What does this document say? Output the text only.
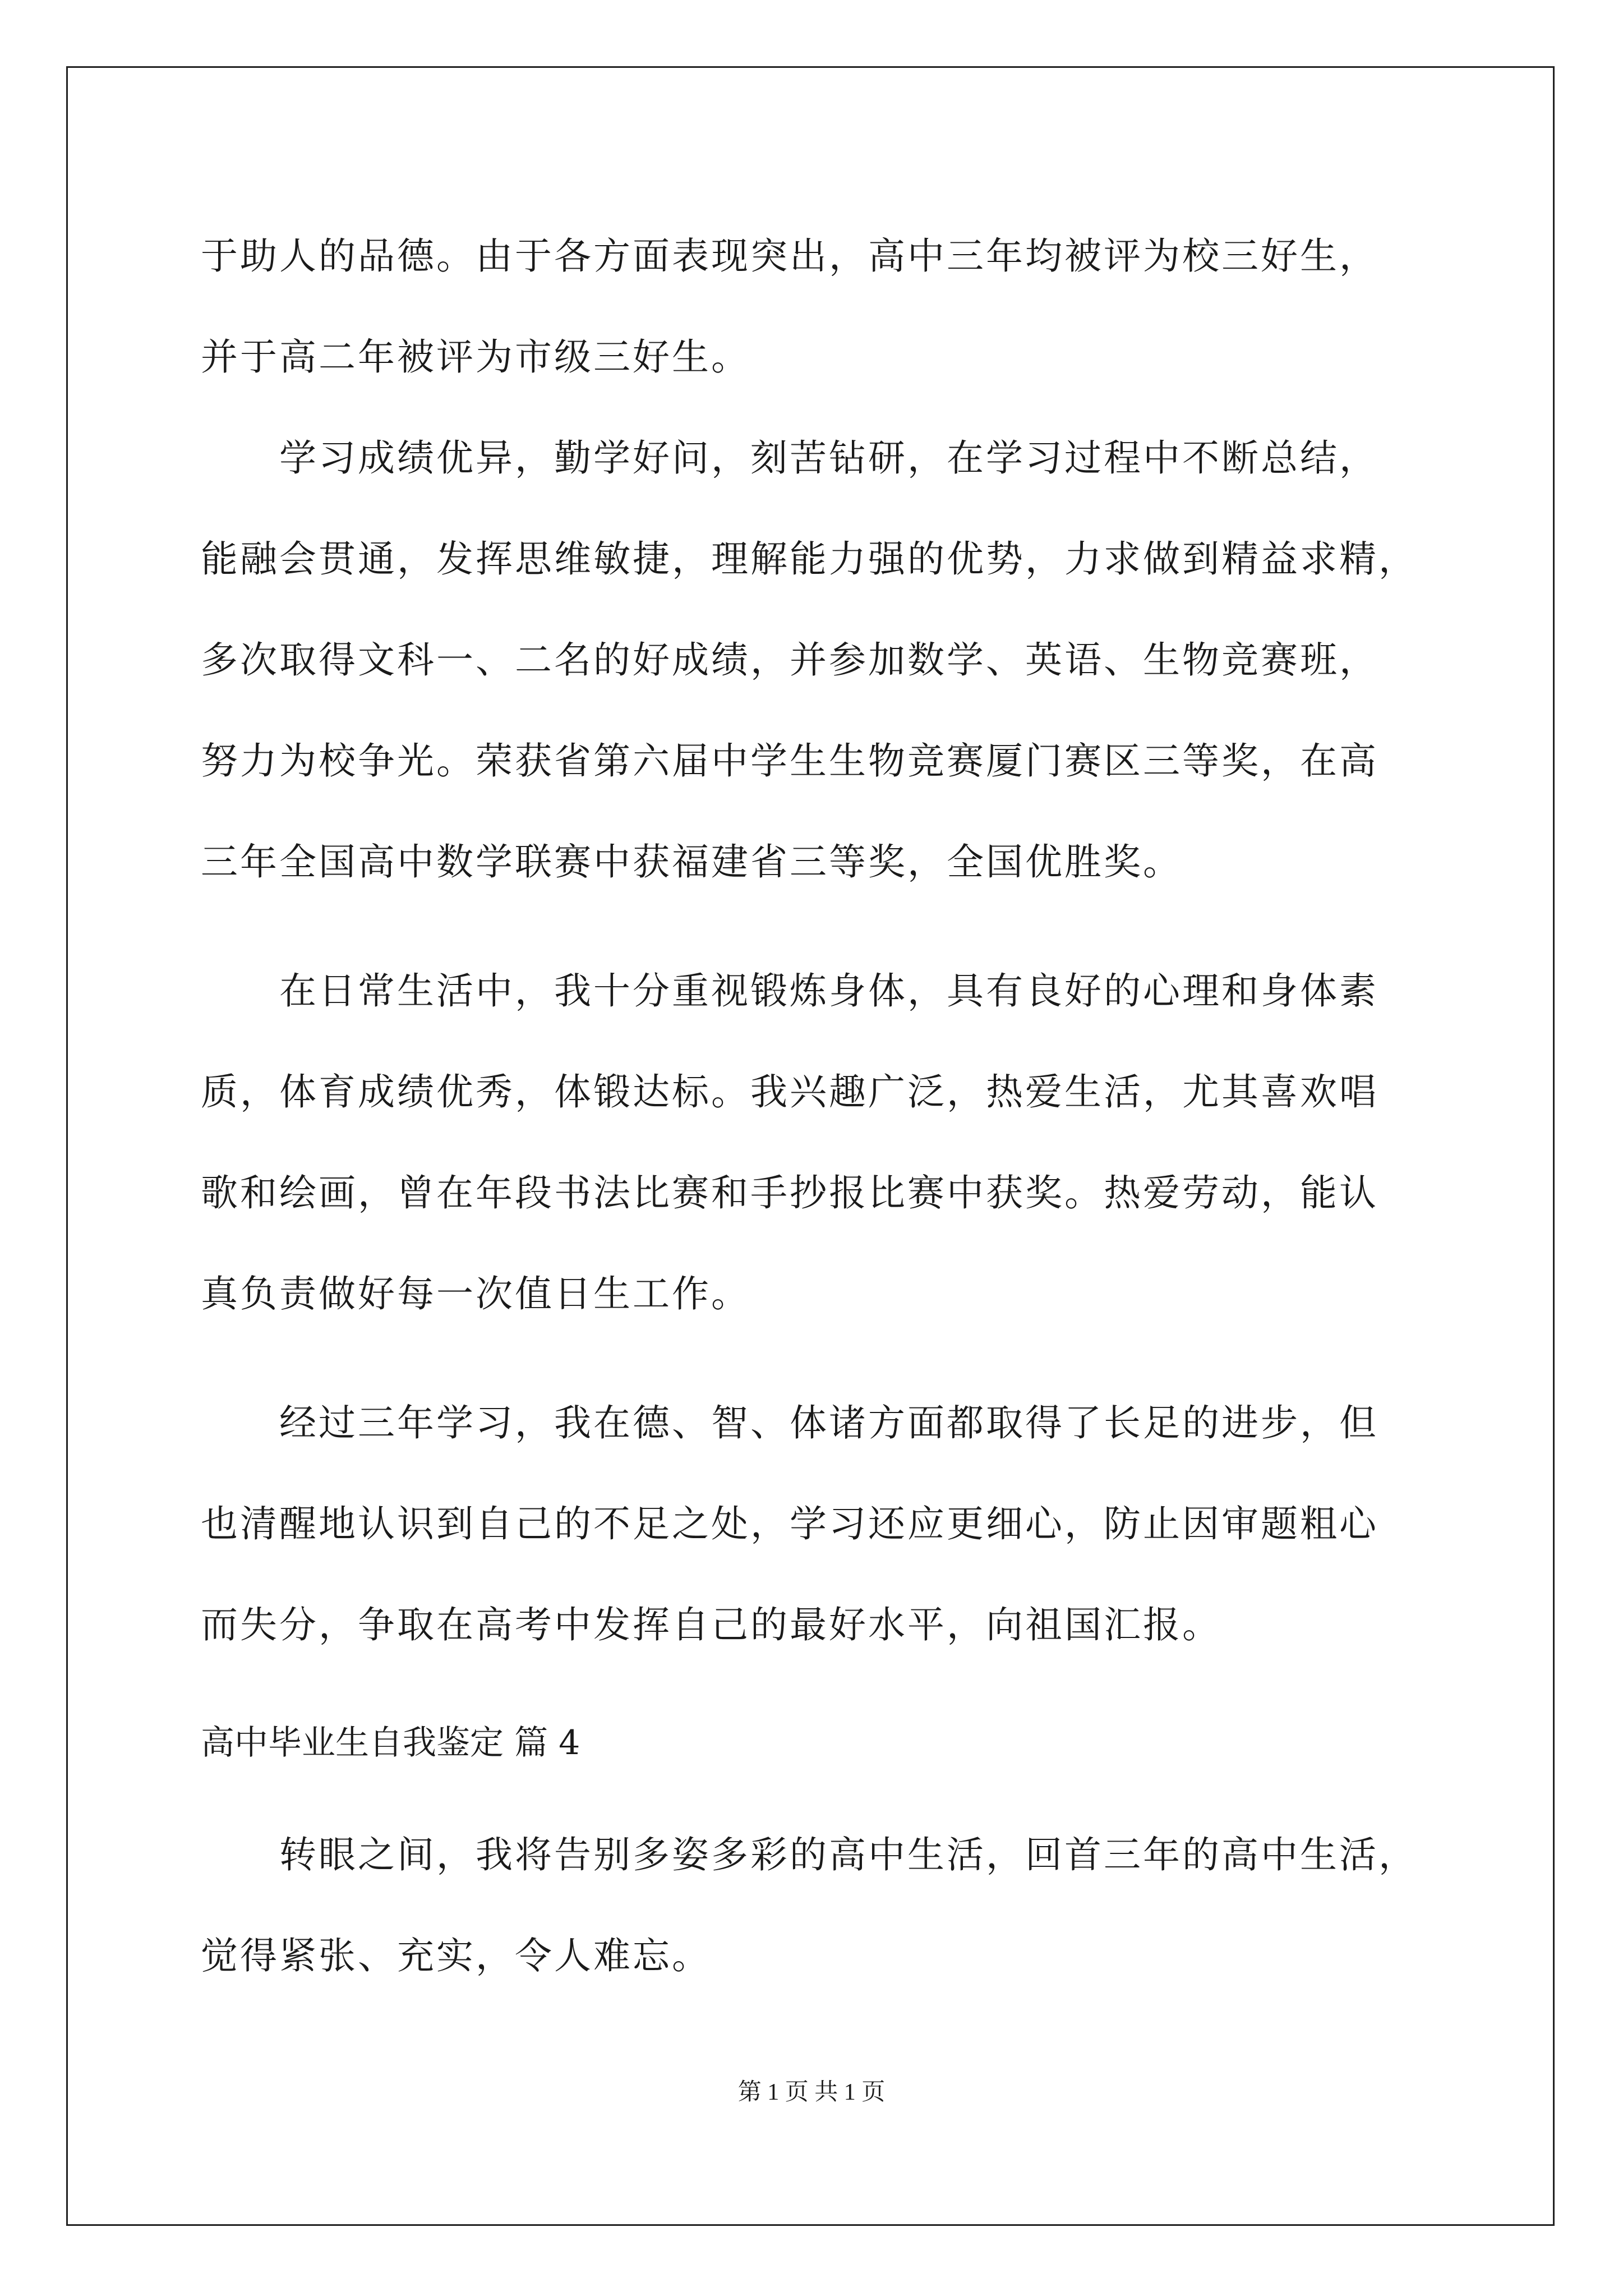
于助人的品德。由于各方面表现突出，高中三年均被评为校三好生，
并于高二年被评为市级三好生。
学习成绩优异，勤学好问，刻苦钻研，在学习过程中不断总结，
能融会贯通，发挥思维敏捷，理解能力强的优势，力求做到精益求精，
多次取得文科一、二名的好成绩，并参加数学、英语、生物竞赛班，
努力为校争光。荣获省第六届中学生生物竞赛厦门赛区三等奖，在高
三年全国高中数学联赛中获福建省三等奖，全国优胜奖。
在日常生活中，我十分重视锻炼身体，具有良好的心理和身体素
质，体育成绩优秀，体锻达标。我兴趣广泛，热爱生活，尤其喜欢唱
歌和绘画，曾在年段书法比赛和手抄报比赛中获奖。热爱劳动，能认
真负责做好每一次值日生工作。
经过三年学习，我在德、智、体诸方面都取得了长足的进步，但
也清醒地认识到自己的不足之处，学习还应更细心，防止因审题粗心
而失分，争取在高考中发挥自己的最好水平，向祖国汇报。
高中毕业生自我鉴定 篇 4
转眼之间，我将告别多姿多彩的高中生活，回首三年的高中生活，
觉得紧张、充实，令人难忘。
第 1 页 共 1 页
